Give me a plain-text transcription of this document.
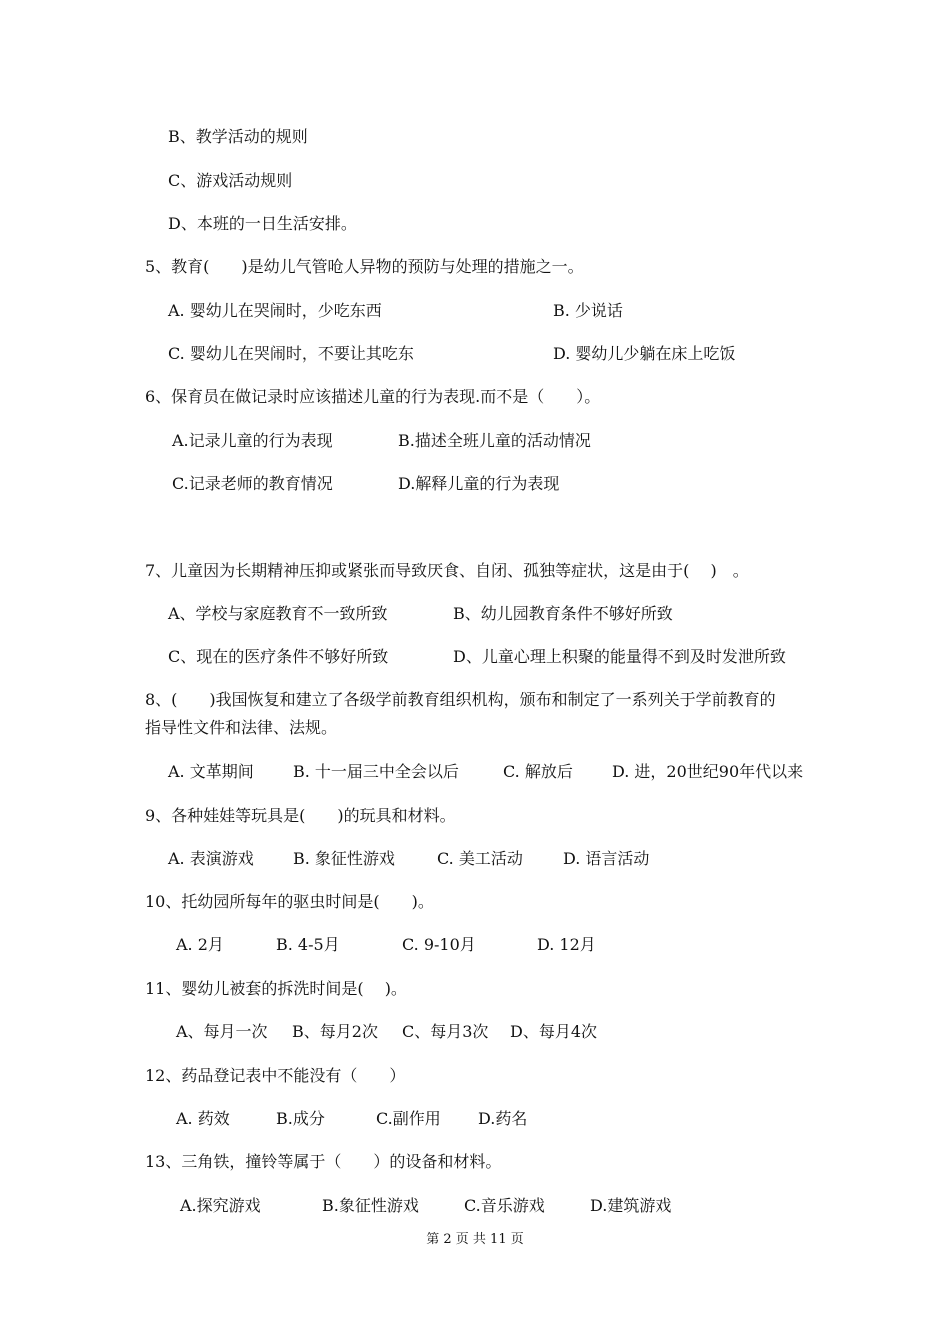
B、教学活动的规则
C、游戏活动规则
D、本班的一日生活安排。
5、教育(　　)是幼儿气管呛人异物的预防与处理的措施之一。
A. 婴幼儿在哭闹时，少吃东西	B. 少说话
C. 婴幼儿在哭闹时，不要让其吃东	D. 婴幼儿少躺在床上吃饭
6、保育员在做记录时应该描述儿童的行为表现.而不是（　　）。
A.记录儿童的行为表现	B.描述全班儿童的活动情况
C.记录老师的教育情况	D.解释儿童的行为表现
7、儿童因为长期精神压抑或紧张而导致厌食、自闭、孤独等症状，这是由于(　 )　。
A、学校与家庭教育不一致所致	B、幼儿园教育条件不够好所致
C、现在的医疗条件不够好所致	D、儿童心理上积聚的能量得不到及时发泄所致
8、(　　)我国恢复和建立了各级学前教育组织机构，颁布和制定了一系列关于学前教育的
指导性文件和法律、法规。
A. 文革期间 B. 十一届三中全会以后	C. 解放后 D. 进，20世纪90年代以来
9、各种娃娃等玩具是(　　)的玩具和材料。
A. 表演游戏 B. 象征性游戏	C. 美工活动	D. 语言活动
10、托幼园所每年的驱虫时间是(　　)。
A. 2月	B. 4-5月	C. 9-10月	D. 12月
11、婴幼儿被套的拆洗时间是(　 )。
A、每月一次 B、每月2次 C、每月3次 D、每月4次
12、药品登记表中不能没有（　　）
A. 药效	B.成分	C.副作用 D.药名
13、三角铁，撞铃等属于（　　）的设备和材料。
A.探究游戏	B.象征性游戏	C.音乐游戏	D.建筑游戏
第 2 页 共 11 页
